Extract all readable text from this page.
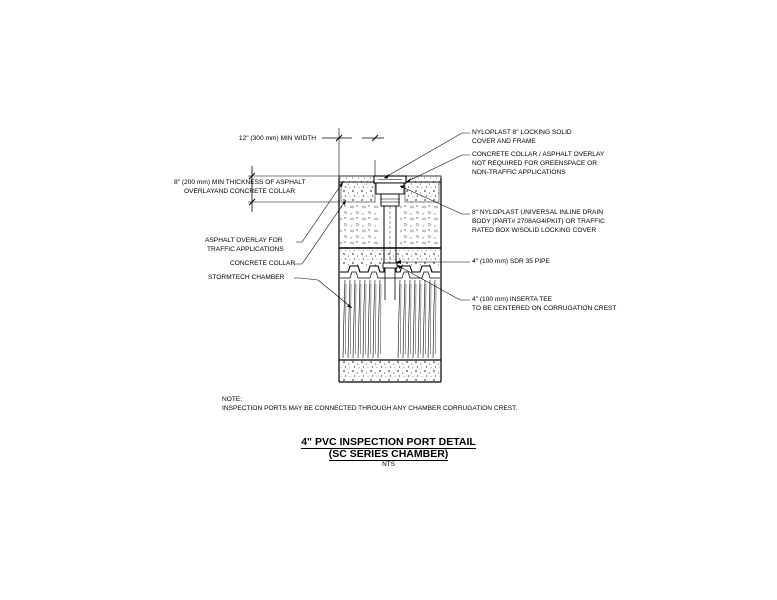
12" (300 mm) MIN WIDTH
8" (200 mm) MIN THICKNESS OF ASPHALT
OVERLAYAND CONCRETE COLLAR
ASPHALT OVERLAY FOR
TRAFFIC APPLICATIONS
CONCRETE COLLAR
STORMTECH CHAMBER
NYLOPLAST 8" LOCKING SOLID
COVER AND FRAME
CONCRETE COLLAR / ASPHALT OVERLAY
NOT REQUIRED FOR GREENSPACE OR
NON-TRAFFIC APPLICATIONS
8" NYLOPLAST UNIVERSAL INLINE DRAIN
BODY (PART# 2708AG4IPKIT) OR TRAFFIC
RATED BOX W/SOLID LOCKING COVER
4" (100 mm) SDR 35 PIPE
4" (100 mm) INSERTA TEE
TO BE CENTERED ON CORRUGATION CREST
NOTE:
INSPECTION PORTS MAY BE CONNECTED THROUGH ANY CHAMBER CORRUGATION CREST.
4" PVC INSPECTION PORT DETAIL
(SC SERIES CHAMBER)
NTS
